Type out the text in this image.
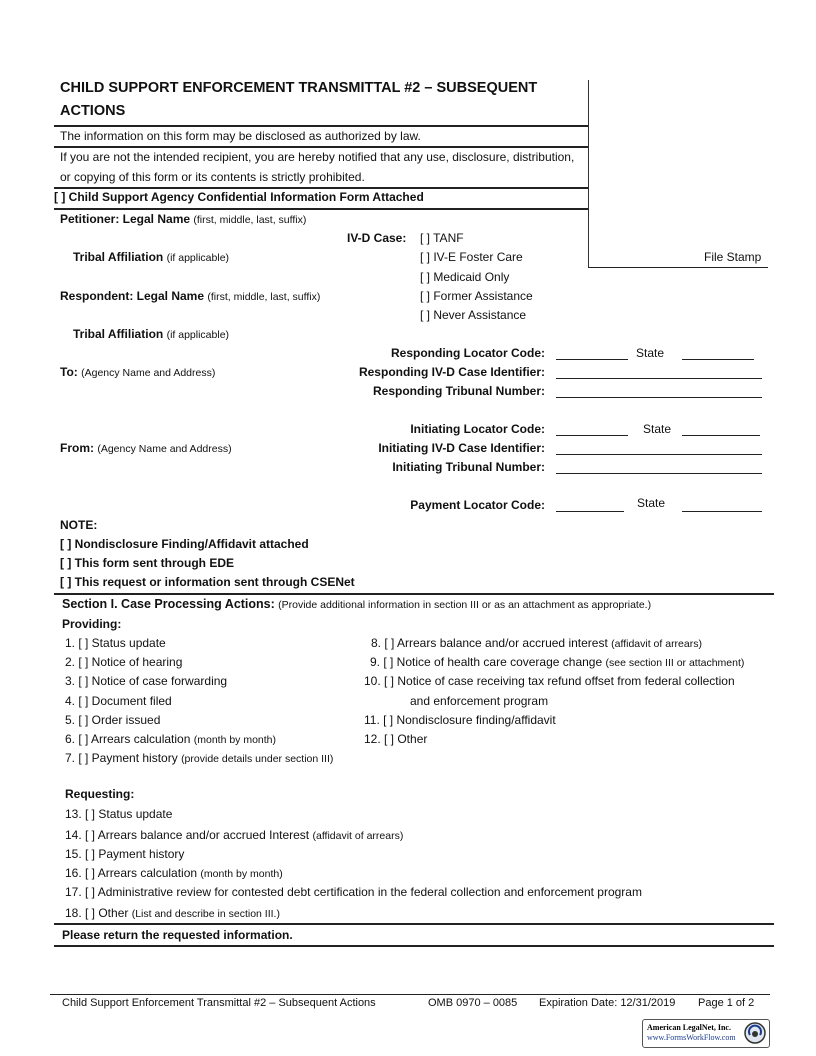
CHILD SUPPORT ENFORCEMENT TRANSMITTAL #2 – SUBSEQUENT
ACTIONS
File Stamp
The information on this form may be disclosed as authorized by law.
If you are not the intended recipient, you are hereby notified that any use, disclosure, distribution,
or copying of this form or its contents is strictly prohibited.
[ ] Child Support Agency Confidential Information Form Attached
Petitioner: Legal Name (first, middle, last, suffix)
Tribal Affiliation (if applicable)
Respondent: Legal Name (first, middle, last, suffix)
Tribal Affiliation (if applicable)
To: (Agency Name and Address)
From: (Agency Name and Address)
IV-D Case: [ ] TANF
[ ] IV-E Foster Care
[ ] Medicaid Only
[ ] Former Assistance
[ ] Never Assistance
Responding Locator Code:	State
Responding IV-D Case Identifier:
Responding Tribunal Number:
Initiating Locator Code:	State
Initiating IV-D Case Identifier:
Initiating Tribunal Number:
Payment Locator Code:	State
NOTE:
[ ] Nondisclosure Finding/Affidavit attached
[ ] This form sent through EDE
[ ] This request or information sent through CSENet
Section I. Case Processing Actions: (Provide additional information in section III or as an attachment as appropriate.)
Providing:
1. [ ] Status update
2. [ ] Notice of hearing
3. [ ] Notice of case forwarding
4. [ ] Document filed
5. [ ] Order issued
6. [ ] Arrears calculation (month by month)
7. [ ] Payment history (provide details under section III)
8. [ ] Arrears balance and/or accrued interest (affidavit of arrears)
9. [ ] Notice of health care coverage change (see section III or attachment)
10. [ ] Notice of case receiving tax refund offset from federal collection
and enforcement program
11. [ ] Nondisclosure finding/affidavit
12. [ ] Other
Requesting:
13. [ ] Status update
14. [ ] Arrears balance and/or accrued Interest (affidavit of arrears)
15. [ ] Payment history
16. [ ] Arrears calculation (month by month)
17. [ ] Administrative review for contested debt certification in the federal collection and enforcement program
18. [ ] Other (List and describe in section III.)
Please return the requested information.
Child Support Enforcement Transmittal #2 – Subsequent Actions	OMB 0970 – 0085 Expiration Date: 12/31/2019 Page 1 of 2
American LegalNet, Inc.
www.FormsWorkFlow.com
